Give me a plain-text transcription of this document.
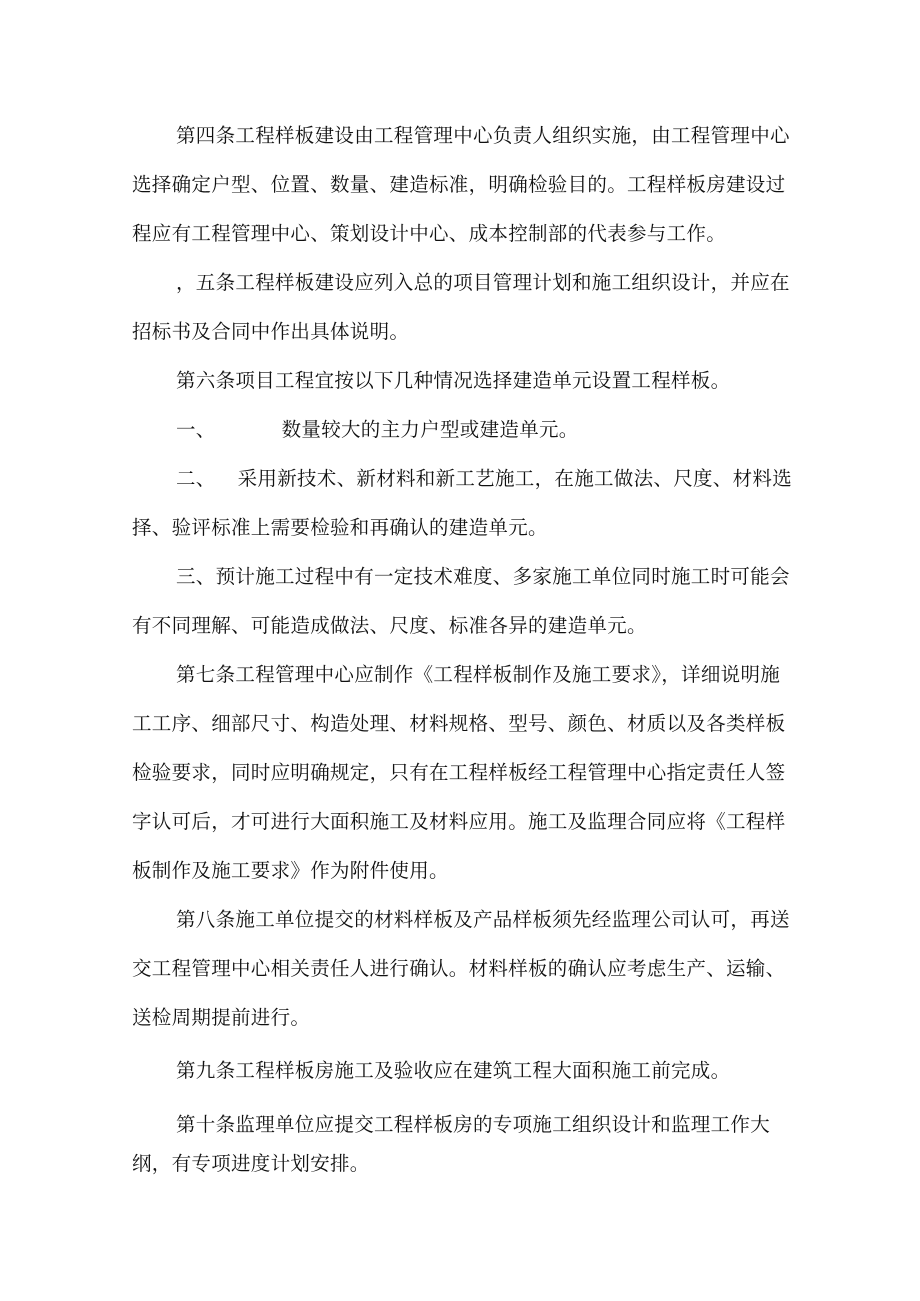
第四条工程样板建设由工程管理中心负责人组织实施，由工程管理中心
选择确定户型、位置、数量、建造标准，明确检验目的。工程样板房建设过
程应有工程管理中心、策划设计中心、成本控制部的代表参与工作。
，五条工程样板建设应列入总的项目管理计划和施工组织设计，并应在
招标书及合同中作出具体说明。
第六条项目工程宜按以下几种情况选择建造单元设置工程样板。
一、	数量较大的主力户型或建造单元。
二、 采用新技术、新材料和新工艺施工，在施工做法、尺度、材料选
择、验评标准上需要检验和再确认的建造单元。
三、预计施工过程中有一定技术难度、多家施工单位同时施工时可能会
有不同理解、可能造成做法、尺度、标准各异的建造单元。
第七条工程管理中心应制作《工程样板制作及施工要求》，详细说明施
工工序、细部尺寸、构造处理、材料规格、型号、颜色、材质以及各类样板
检验要求，同时应明确规定，只有在工程样板经工程管理中心指定责任人签
字认可后，才可进行大面积施工及材料应用。施工及监理合同应将《工程样
板制作及施工要求》作为附件使用。
第八条施工单位提交的材料样板及产品样板须先经监理公司认可，再送
交工程管理中心相关责任人进行确认。材料样板的确认应考虑生产、运输、
送检周期提前进行。
第九条工程样板房施工及验收应在建筑工程大面积施工前完成。
第十条监理单位应提交工程样板房的专项施工组织设计和监理工作大
纲，有专项进度计划安排。
